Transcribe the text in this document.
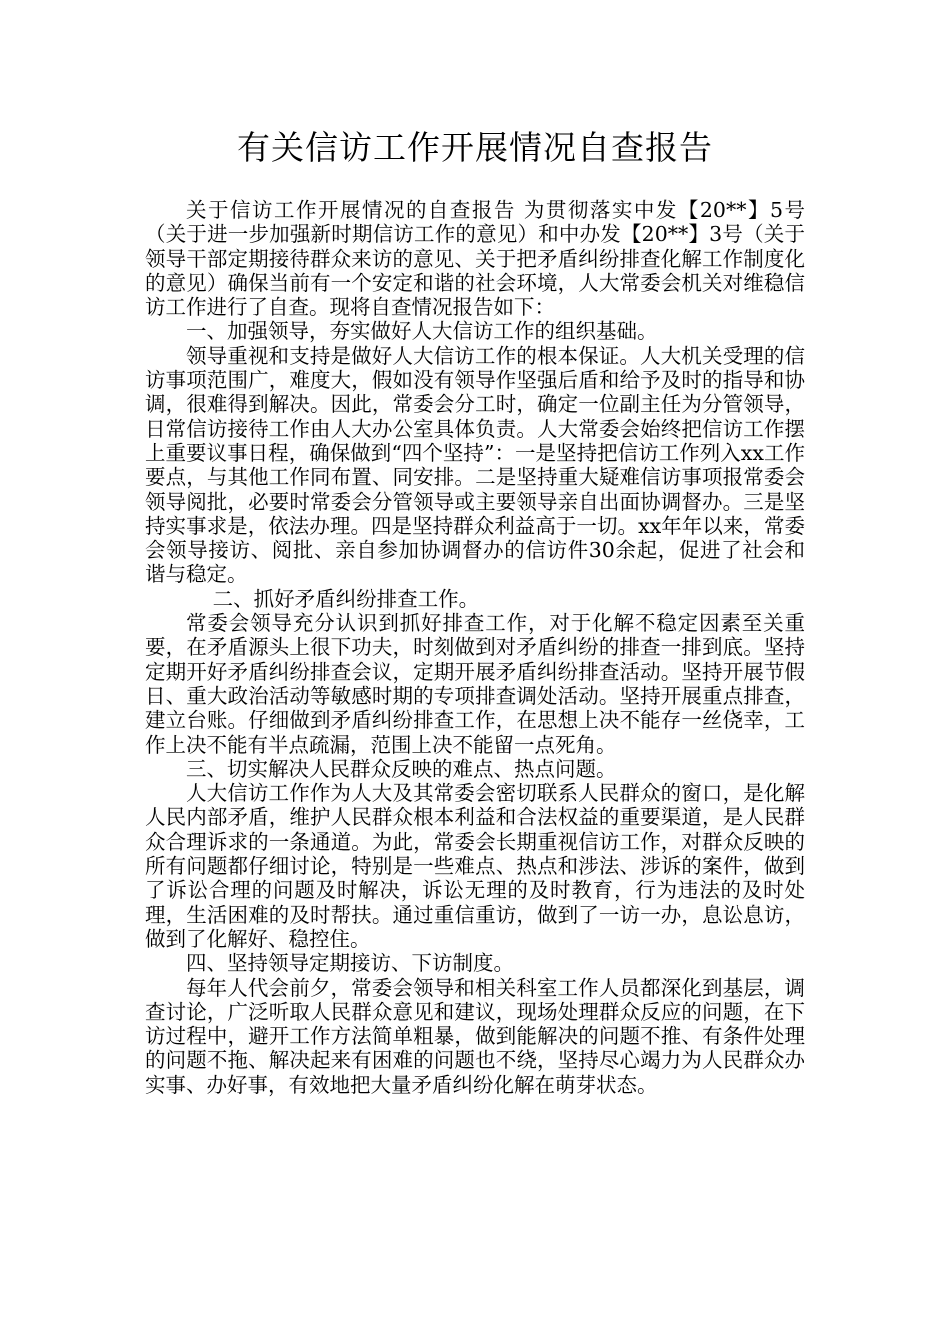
有关信访工作开展情况自查报告

关于信访工作开展情况的自查报告 为贯彻落实中发【20**】5号（关于进一步加强新时期信访工作的意见）和中办发【20**】3号（关于领导干部定期接待群众来访的意见、关于把矛盾纠纷排查化解工作制度化的意见）确保当前有一个安定和谐的社会环境，人大常委会机关对维稳信访工作进行了自查。现将自查情况报告如下：

一、加强领导，夯实做好人大信访工作的组织基础。

领导重视和支持是做好人大信访工作的根本保证。人大机关受理的信访事项范围广，难度大，假如没有领导作坚强后盾和给予及时的指导和协调，很难得到解决。因此，常委会分工时，确定一位副主任为分管领导，日常信访接待工作由人大办公室具体负责。人大常委会始终把信访工作摆上重要议事日程，确保做到“四个坚持”：一是坚持把信访工作列入xx工作要点，与其他工作同布置、同安排。二是坚持重大疑难信访事项报常委会领导阅批，必要时常委会分管领导或主要领导亲自出面协调督办。三是坚持实事求是，依法办理。四是坚持群众利益高于一切。xx年年以来，常委会领导接访、阅批、亲自参加协调督办的信访件30余起，促进了社会和谐与稳定。

二、抓好矛盾纠纷排查工作。

常委会领导充分认识到抓好排查工作，对于化解不稳定因素至关重要，在矛盾源头上很下功夫，时刻做到对矛盾纠纷的排查一排到底。坚持定期开好矛盾纠纷排查会议，定期开展矛盾纠纷排查活动。坚持开展节假日、重大政治活动等敏感时期的专项排查调处活动。坚持开展重点排查，建立台账。仔细做到矛盾纠纷排查工作，在思想上决不能存一丝侥幸，工作上决不能有半点疏漏，范围上决不能留一点死角。

三、切实解决人民群众反映的难点、热点问题。

人大信访工作作为人大及其常委会密切联系人民群众的窗口，是化解人民内部矛盾，维护人民群众根本利益和合法权益的重要渠道，是人民群众合理诉求的一条通道。为此，常委会长期重视信访工作，对群众反映的所有问题都仔细讨论，特别是一些难点、热点和涉法、涉诉的案件，做到了诉讼合理的问题及时解决，诉讼无理的及时教育，行为违法的及时处理，生活困难的及时帮扶。通过重信重访，做到了一访一办，息讼息访，做到了化解好、稳控住。

四、坚持领导定期接访、下访制度。

每年人代会前夕，常委会领导和相关科室工作人员都深化到基层，调查讨论，广泛听取人民群众意见和建议，现场处理群众反应的问题，在下访过程中，避开工作方法简单粗暴，做到能解决的问题不推、有条件处理的问题不拖、解决起来有困难的问题也不绕，坚持尽心竭力为人民群众办实事、办好事，有效地把大量矛盾纠纷化解在萌芽状态。
